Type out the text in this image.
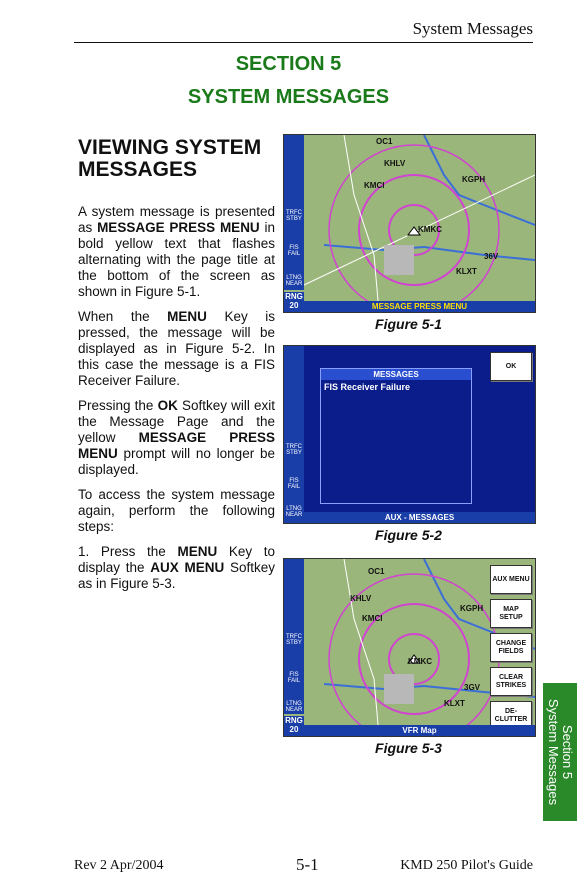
System Messages
SECTION 5
SYSTEM MESSAGES
VIEWING SYSTEM
MESSAGES

A system message is presented as MESSAGE PRESS MENU in bold yellow text that flashes alternating with the page title at the bottom of the screen as shown in Figure 5-1.

When the MENU Key is pressed, the message will be displayed as in Figure 5-2. In this case the message is a FIS Receiver Failure.

Pressing the OK Softkey will exit the Message Page and the yellow MESSAGE PRESS MENU prompt will no longer be displayed.

To access the system message again, perform the following steps:

1. Press the MENU Key to display the AUX MENU Softkey as in Figure 5-3.

KHLV
KMCI
KGPH
KMKC
KLXT
36V
OC1
TRFC STBY
FIS FAIL
LTNG NEAR
RNG
20	MESSAGE PRESS MENU
Figure 5-1
TRFC STBY
FIS FAIL
LTNG NEAR
MESSAGES
FIS Receiver Failure
OK
AUX - MESSAGES
Figure 5-2
KHLV
KMCI
KGPH
KMKC
KLXT
3GV
OC1
TRFC STBY
FIS FAIL
LTNG NEAR
RNG
20
AUX MENU
MAP SETUP
CHANGE FIELDS
CLEAR STRIKES
DE- CLUTTER
VFR Map
Figure 5-3	Section 5
System Messages
Rev 2 Apr/2004	5-1	KMD 250 Pilot's Guide
